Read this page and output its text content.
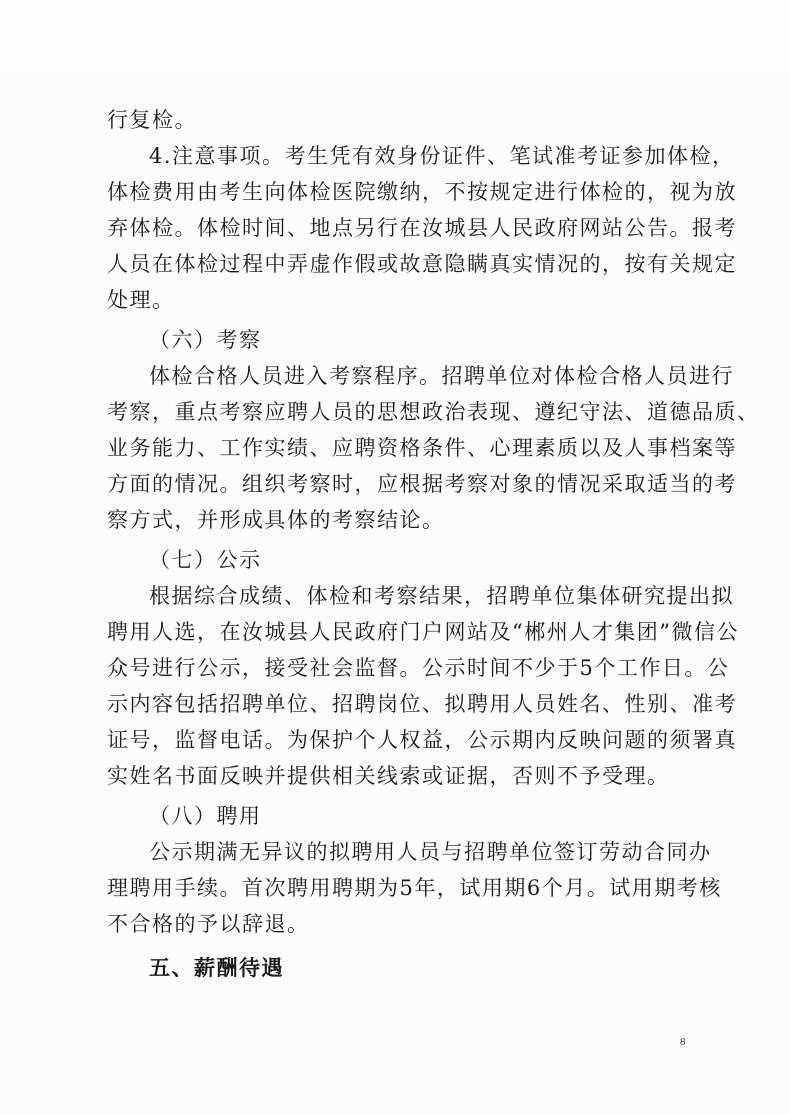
行复检。
4.注意事项。考生凭有效身份证件、笔试准考证参加体检，
体检费用由考生向体检医院缴纳，不按规定进行体检的，视为放
弃体检。体检时间、地点另行在汝城县人民政府网站公告。报考
人员在体检过程中弄虚作假或故意隐瞒真实情况的，按有关规定
处理。
（六）考察
体检合格人员进入考察程序。招聘单位对体检合格人员进行
考察，重点考察应聘人员的思想政治表现、遵纪守法、道德品质、
业务能力、工作实绩、应聘资格条件、心理素质以及人事档案等
方面的情况。组织考察时，应根据考察对象的情况采取适当的考
察方式，并形成具体的考察结论。
（七）公示
根据综合成绩、体检和考察结果，招聘单位集体研究提出拟
聘用人选，在汝城县人民政府门户网站及“郴州人才集团”微信公
众号进行公示，接受社会监督。公示时间不少于5个工作日。公
示内容包括招聘单位、招聘岗位、拟聘用人员姓名、性别、准考
证号，监督电话。为保护个人权益，公示期内反映问题的须署真
实姓名书面反映并提供相关线索或证据，否则不予受理。
（八）聘用
公示期满无异议的拟聘用人员与招聘单位签订劳动合同办
理聘用手续。首次聘用聘期为5年，试用期6个月。试用期考核
不合格的予以辞退。
五、薪酬待遇
8
